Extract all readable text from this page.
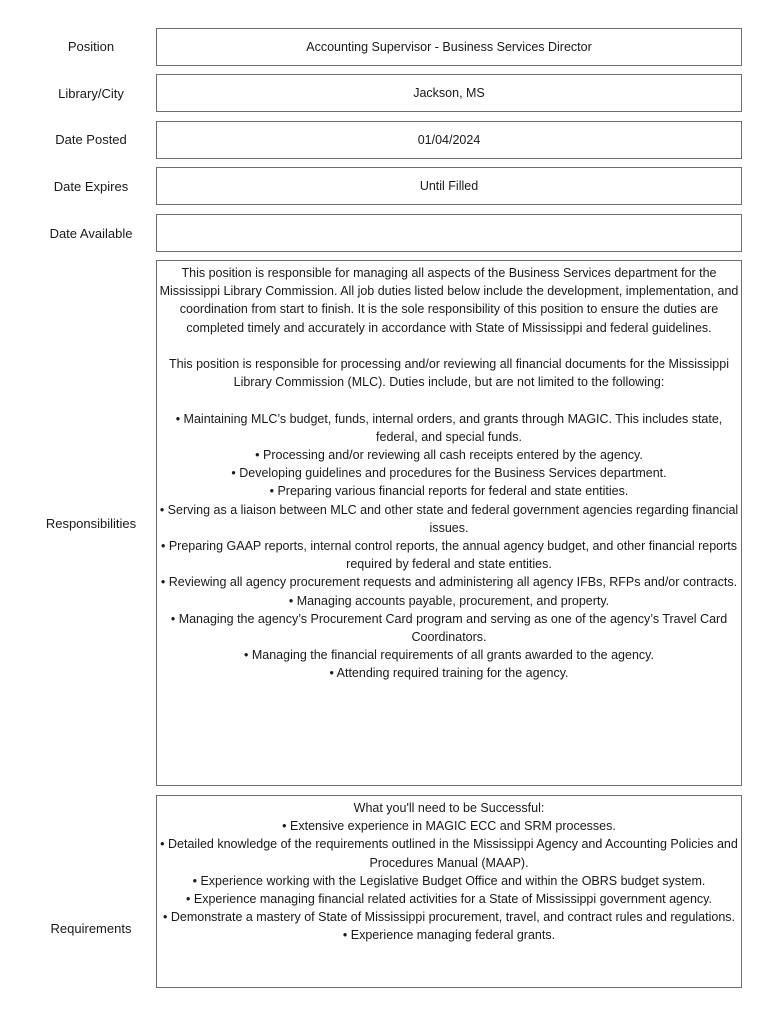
Position	Accounting Supervisor - Business Services Director
Library/City	Jackson, MS
Date Posted	01/04/2024
Date Expires	Until Filled
Date Available
Responsibilities

This position is responsible for managing all aspects of the Business Services department for the Mississippi Library Commission. All job duties listed below include the development, implementation, and coordination from start to finish. It is the sole responsibility of this position to ensure the duties are completed timely and accurately in accordance with State of Mississippi and federal guidelines.

This position is responsible for processing and/or reviewing all financial documents for the Mississippi Library Commission (MLC). Duties include, but are not limited to the following:

• Maintaining MLC’s budget, funds, internal orders, and grants through MAGIC. This includes state, federal, and special funds.

• Processing and/or reviewing all cash receipts entered by the agency.

• Developing guidelines and procedures for the Business Services department.

• Preparing various financial reports for federal and state entities.

• Serving as a liaison between MLC and other state and federal government agencies regarding financial issues.

• Preparing GAAP reports, internal control reports, the annual agency budget, and other financial reports required by federal and state entities.

• Reviewing all agency procurement requests and administering all agency IFBs, RFPs and/or contracts.

• Managing accounts payable, procurement, and property.

• Managing the agency’s Procurement Card program and serving as one of the agency’s Travel Card Coordinators.

• Managing the financial requirements of all grants awarded to the agency.

• Attending required training for the agency.

Requirements

What you'll need to be Successful:

• Extensive experience in MAGIC ECC and SRM processes.

• Detailed knowledge of the requirements outlined in the Mississippi Agency and Accounting Policies and Procedures Manual (MAAP).

• Experience working with the Legislative Budget Office and within the OBRS budget system.

• Experience managing financial related activities for a State of Mississippi government agency.

• Demonstrate a mastery of State of Mississippi procurement, travel, and contract rules and regulations.

• Experience managing federal grants.
